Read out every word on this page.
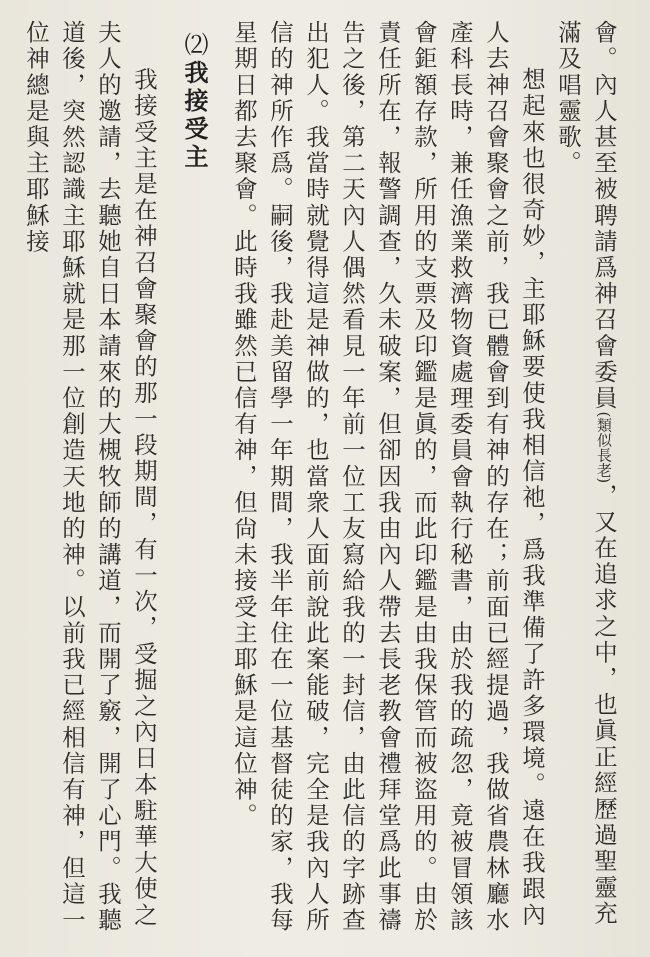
會。內人甚至被聘請爲神召會委員(類似長老)，又在追求之中，也眞正經歷過聖靈充滿及唱靈歌。

想起來也很奇妙，主耶穌要使我相信祂，爲我準備了許多環境。遠在我跟內人去神召會聚會之前，我已體會到有神的存在；前面已經提過，我做省農林廳水產科長時，兼任漁業救濟物資處理委員會執行秘書，由於我的疏忽，竟被冒領該會鉅額存款，所用的支票及印鑑是眞的，而此印鑑是由我保管而被盜用的。由於責任所在，報警調查，久未破案，但卻因我由內人帶去長老教會禮拜堂爲此事禱告之後，第二天內人偶然看見一年前一位工友寫給我的一封信，由此信的字跡查出犯人。我當時就覺得這是神做的，也當衆人面前說此案能破，完全是我內人所信的神所作爲。嗣後，我赴美留學一年期間，我半年住在一位基督徒的家，我每星期日都去聚會。此時我雖然已信有神，但尙未接受主耶穌是這位神。

⑵我接受主

我接受主是在神召會聚會的那一段期間，有一次，受掘之內日本駐華大使之夫人的邀請，去聽她自日本請來的大槻牧師的講道，而開了竅，開了心門。我聽道後，突然認識主耶穌就是那一位創造天地的神。以前我已經相信有神，但這一位神總是與主耶穌接
